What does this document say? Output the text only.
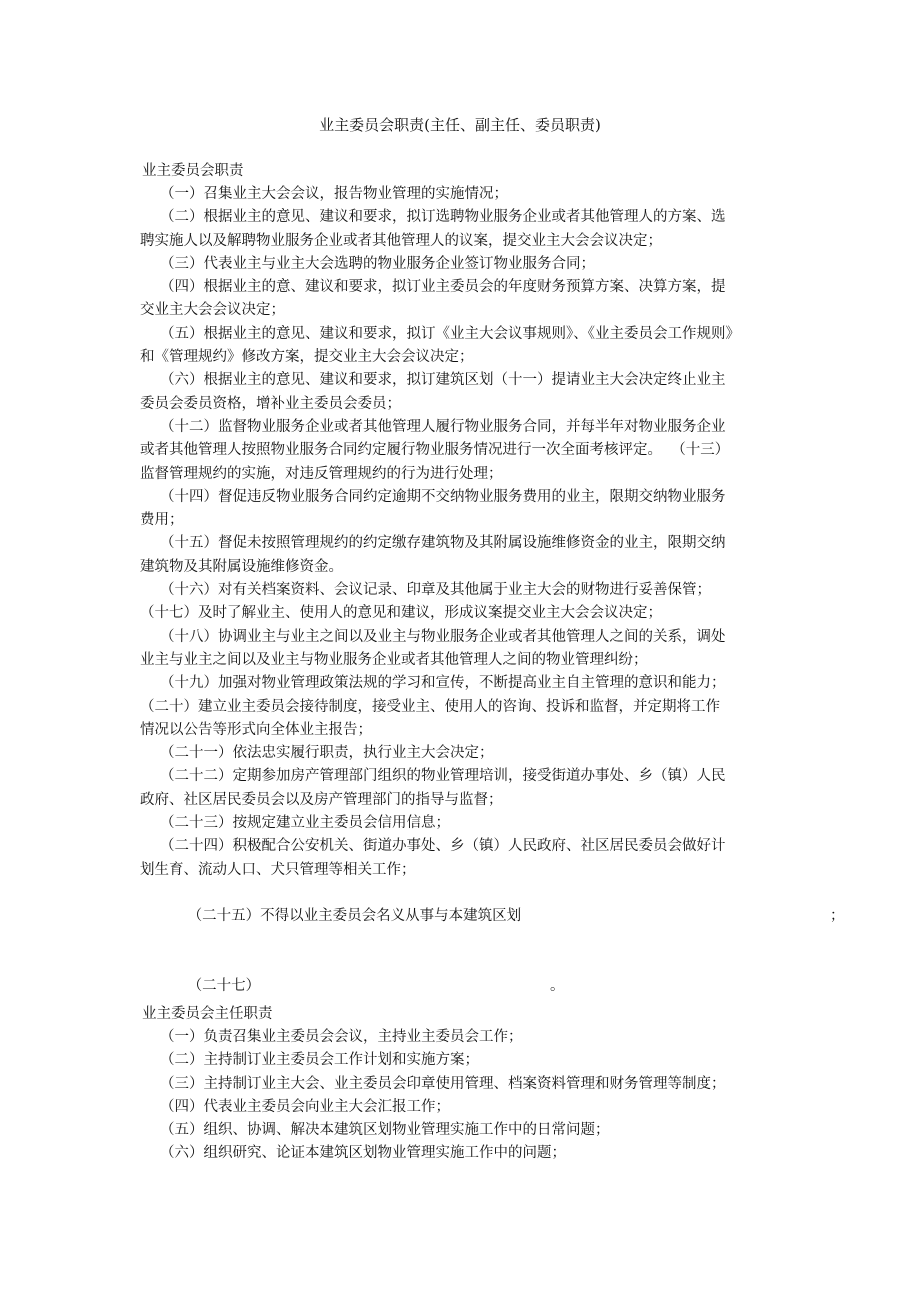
业主委员会职责(主任、副主任、委员职责)
业主委员会职责

（一）召集业主大会会议，报告物业管理的实施情况；

（二）根据业主的意见、建议和要求，拟订选聘物业服务企业或者其他管理人的方案、选

聘实施人以及解聘物业服务企业或者其他管理人的议案，提交业主大会会议决定；

（三）代表业主与业主大会选聘的物业服务企业签订物业服务合同；

（四）根据业主的意、建议和要求，拟订业主委员会的年度财务预算方案、决算方案，提

交业主大会会议决定；

（五）根据业主的意见、建议和要求，拟订《业主大会议事规则》、《业主委员会工作规则》

和《管理规约》修改方案，提交业主大会会议决定；

（六）根据业主的意见、建议和要求，拟订建筑区划（十一）提请业主大会决定终止业主

委员会委员资格，增补业主委员会委员；

（十二）监督物业服务企业或者其他管理人履行物业服务合同，并每半年对物业服务企业

或者其他管理人按照物业服务合同约定履行物业服务情况进行一次全面考核评定。  （十三）

监督管理规约的实施，对违反管理规约的行为进行处理；

（十四）督促违反物业服务合同约定逾期不交纳物业服务费用的业主，限期交纳物业服务

费用；

（十五）督促未按照管理规约的约定缴存建筑物及其附属设施维修资金的业主，限期交纳

建筑物及其附属设施维修资金。

（十六）对有关档案资料、会议记录、印章及其他属于业主大会的财物进行妥善保管；

（十七）及时了解业主、使用人的意见和建议，形成议案提交业主大会会议决定；

（十八）协调业主与业主之间以及业主与物业服务企业或者其他管理人之间的关系，调处

业主与业主之间以及业主与物业服务企业或者其他管理人之间的物业管理纠纷；

（十九）加强对物业管理政策法规的学习和宣传，不断提高业主自主管理的意识和能力；

（二十）建立业主委员会接待制度，接受业主、使用人的咨询、投诉和监督，并定期将工作

情况以公告等形式向全体业主报告；

（二十一）依法忠实履行职责，执行业主大会决定；

（二十二）定期参加房产管理部门组织的物业管理培训，接受街道办事处、乡（镇）人民

政府、社区居民委员会以及房产管理部门的指导与监督；

（二十三）按规定建立业主委员会信用信息；

（二十四）积极配合公安机关、街道办事处、乡（镇）人民政府、社区居民委员会做好计

划生育、流动人口、犬只管理等相关工作；

（二十五）不得以业主委员会名义从事与本建筑区划	；

（二十七）	。

业主委员会主任职责

（一）负责召集业主委员会会议，主持业主委员会工作；

（二）主持制订业主委员会工作计划和实施方案；

（三）主持制订业主大会、业主委员会印章使用管理、档案资料管理和财务管理等制度；

（四）代表业主委员会向业主大会汇报工作；

（五）组织、协调、解决本建筑区划物业管理实施工作中的日常问题；

（六）组织研究、论证本建筑区划物业管理实施工作中的问题；
